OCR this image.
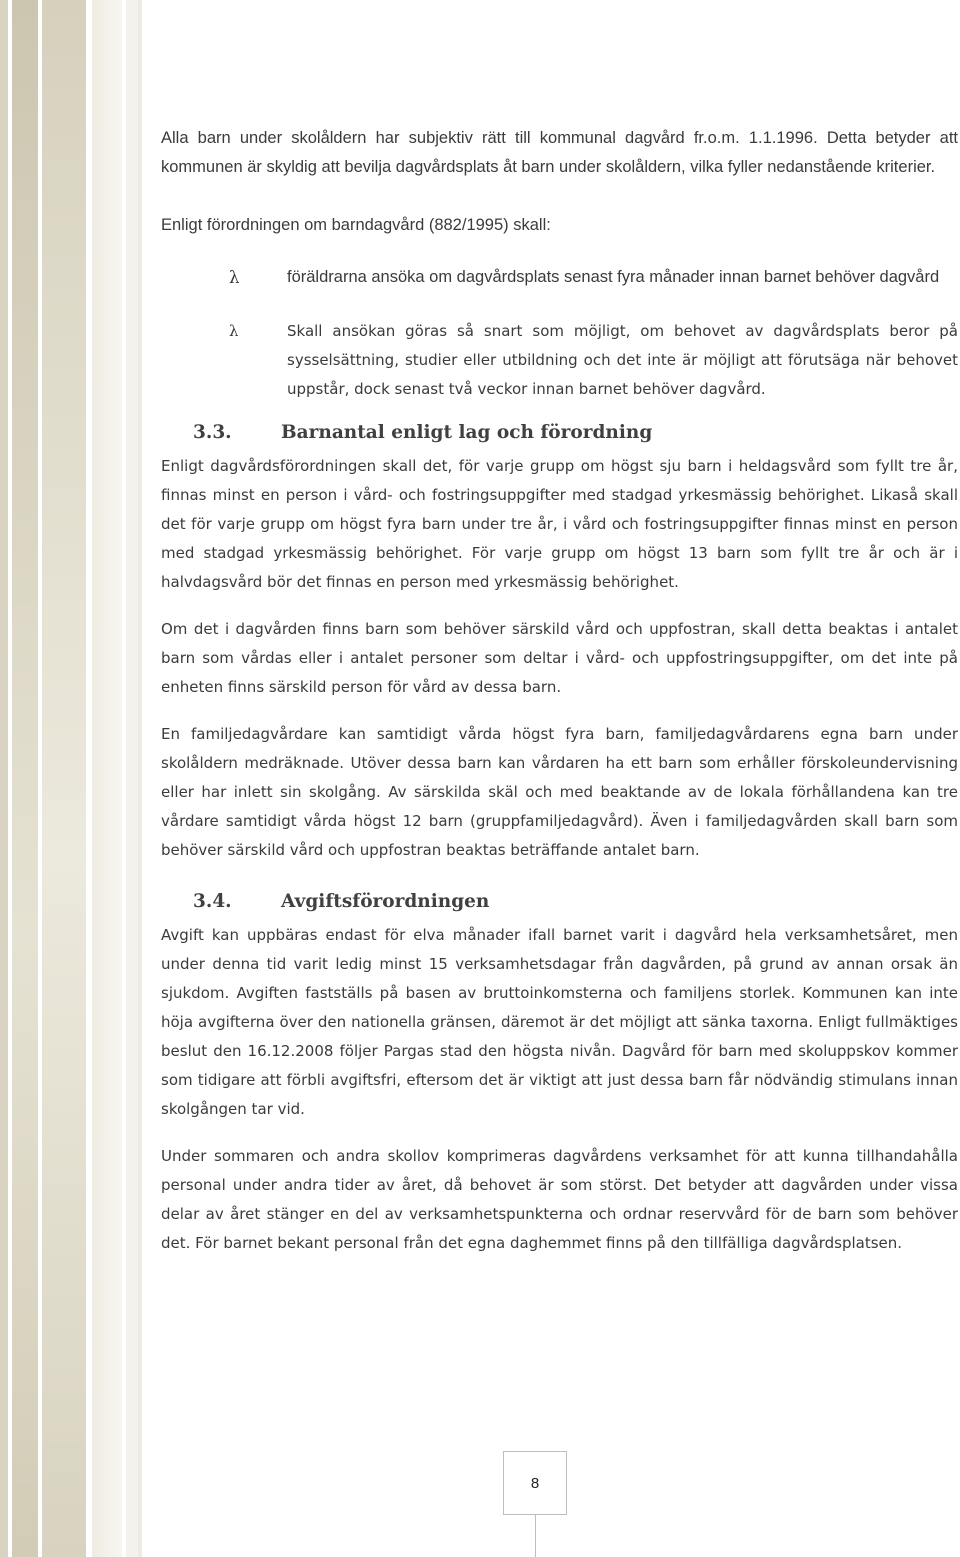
Alla barn under skolåldern har subjektiv rätt till kommunal dagvård fr.o.m. 1.1.1996. Detta betyder att kommunen är skyldig att bevilja dagvårdsplats åt barn under skolåldern, vilka fyller nedanstående kriterier.

Enligt förordningen om barndagvård (882/1995) skall:

λ	föräldrarna ansöka om dagvårdsplats senast fyra månader innan barnet behöver dagvård

λ	Skall ansökan göras så snart som möjligt, om behovet av dagvårdsplats beror på sysselsättning, studier eller utbildning och det inte är möjligt att förutsäga när behovet uppstår, dock senast två veckor innan barnet behöver dagvård.

3.3.	Barnantal enligt lag och förordning

Enligt dagvårdsförordningen skall det, för varje grupp om högst sju barn i heldagsvård som fyllt tre år, finnas minst en person i vård- och fostringsuppgifter med stadgad yrkesmässig behörighet. Likaså skall det för varje grupp om högst fyra barn under tre år, i vård och fostringsuppgifter finnas minst en person med stadgad yrkesmässig behörighet. För varje grupp om högst 13 barn som fyllt tre år och är i halvdagsvård bör det finnas en person med yrkesmässig behörighet.

Om det i dagvården finns barn som behöver särskild vård och uppfostran, skall detta beaktas i antalet barn som vårdas eller i antalet personer som deltar i vård- och uppfostringsuppgifter, om det inte på enheten finns särskild person för vård av dessa barn.

En familjedagvårdare kan samtidigt vårda högst fyra barn, familjedagvårdarens egna barn under skolåldern medräknade. Utöver dessa barn kan vårdaren ha ett barn som erhåller förskoleundervisning eller har inlett sin skolgång. Av särskilda skäl och med beaktande av de lokala förhållandena kan tre vårdare samtidigt vårda högst 12 barn (gruppfamiljedagvård). Även i familjedagvården skall barn som behöver särskild vård och uppfostran beaktas beträffande antalet barn.

3.4.	Avgiftsförordningen

Avgift kan uppbäras endast för elva månader ifall barnet varit i dagvård hela verksamhetsåret, men under denna tid varit ledig minst 15 verksamhetsdagar från dagvården, på grund av annan orsak än sjukdom. Avgiften fastställs på basen av bruttoinkomsterna och familjens storlek. Kommunen kan inte höja avgifterna över den nationella gränsen, däremot är det möjligt att sänka taxorna. Enligt fullmäktiges beslut den 16.12.2008 följer Pargas stad den högsta nivån. Dagvård för barn med skoluppskov kommer som tidigare att förbli avgiftsfri, eftersom det är viktigt att just dessa barn får nödvändig stimulans innan skolgången tar vid.

Under sommaren och andra skollov komprimeras dagvårdens verksamhet för att kunna tillhandahålla personal under andra tider av året, då behovet är som störst. Det betyder att dagvården under vissa delar av året stänger en del av verksamhetspunkterna och ordnar reservvård för de barn som behöver det. För barnet bekant personal från det egna daghemmet finns på den tillfälliga dagvårdsplatsen.

8
